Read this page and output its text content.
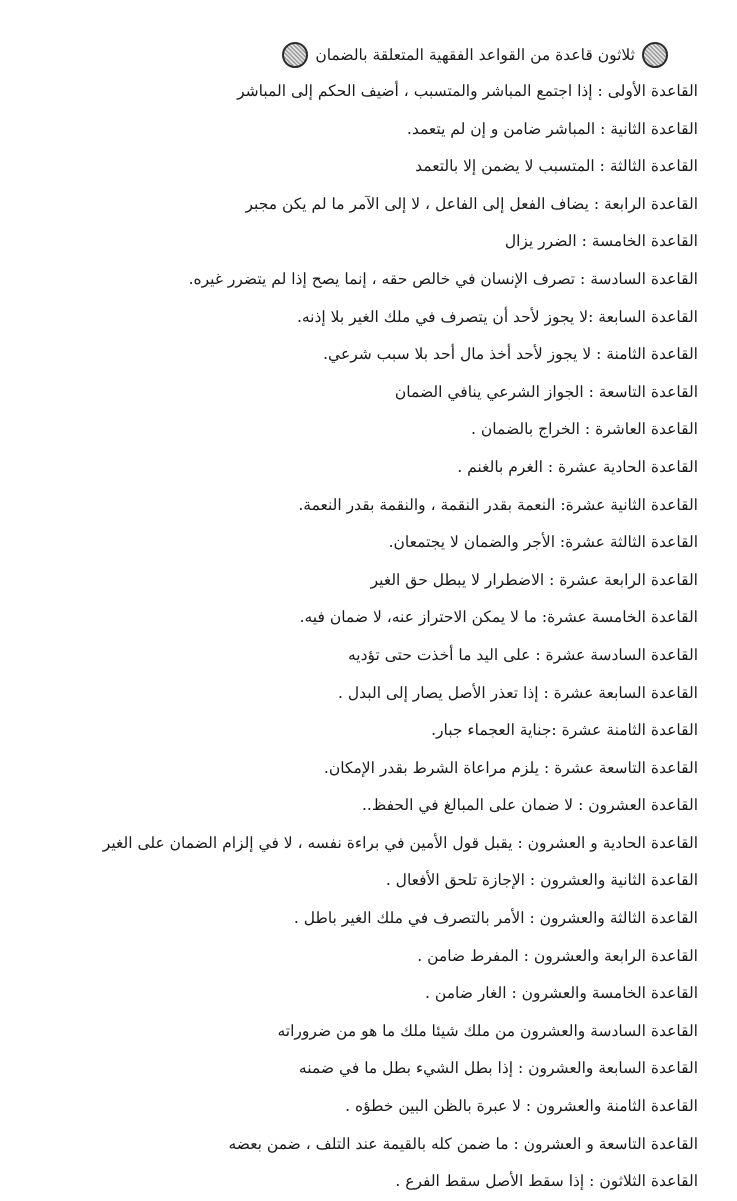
ثلاثون قاعدة من القواعد الفقهية المتعلقة بالضمان
القاعدة الأولى : إذا اجتمع المباشر والمتسبب ، أضيف الحكم إلى المباشر
القاعدة الثانية : المباشر ضامن و إن لم يتعمد.
القاعدة الثالثة : المتسبب لا يضمن إلا بالتعمد
القاعدة الرابعة : يضاف الفعل إلى الفاعل ، لا إلى الآمر ما لم يكن مجبر
القاعدة الخامسة : الضرر يزال
القاعدة السادسة : تصرف الإنسان في خالص حقه ، إنما يصح إذا لم يتضرر غيره.
القاعدة السابعة :لا يجوز لأحد أن يتصرف في ملك الغير بلا إذنه.
القاعدة الثامنة : لا يجوز لأحد أخذ مال أحد بلا سبب شرعي.
القاعدة التاسعة : الجواز الشرعي ينافي الضمان
القاعدة العاشرة : الخراج بالضمان .
القاعدة الحادية عشرة : الغرم بالغنم .
القاعدة الثانية عشرة: النعمة بقدر النقمة ، والنقمة بقدر النعمة.
القاعدة الثالثة عشرة: الأجر والضمان لا يجتمعان.
القاعدة الرابعة عشرة : الاضطرار لا يبطل حق الغير
القاعدة الخامسة عشرة: ما لا يمكن الاحتراز عنه، لا ضمان فيه.
القاعدة السادسة عشرة : على اليد ما أخذت حتى تؤديه
القاعدة السابعة عشرة : إذا تعذر الأصل يصار إلى البدل .
القاعدة الثامنة عشرة :جناية العجماء جبار.
القاعدة التاسعة عشرة : يلزم مراعاة الشرط بقدر الإمكان.
القاعدة العشرون : لا ضمان على المبالغ في الحفظ..
القاعدة الحادية و العشرون : يقبل قول الأمين في براءة نفسه ، لا في إلزام الضمان على الغير
القاعدة الثانية والعشرون : الإجازة تلحق الأفعال .
القاعدة الثالثة والعشرون : الأمر بالتصرف في ملك الغير باطل .
القاعدة الرابعة والعشرون : المفرط ضامن .
القاعدة الخامسة والعشرون : الغار ضامن .
القاعدة السادسة والعشرون من ملك شيئا ملك ما هو من ضروراته
القاعدة السابعة والعشرون : إذا بطل الشيء بطل ما في ضمنه
القاعدة الثامنة والعشرون : لا عبرة بالظن البين خطؤه .
القاعدة التاسعة و العشرون : ما ضمن كله بالقيمة عند التلف ، ضمن بعضه
القاعدة الثلاثون : إذا سقط الأصل سقط الفرع .
